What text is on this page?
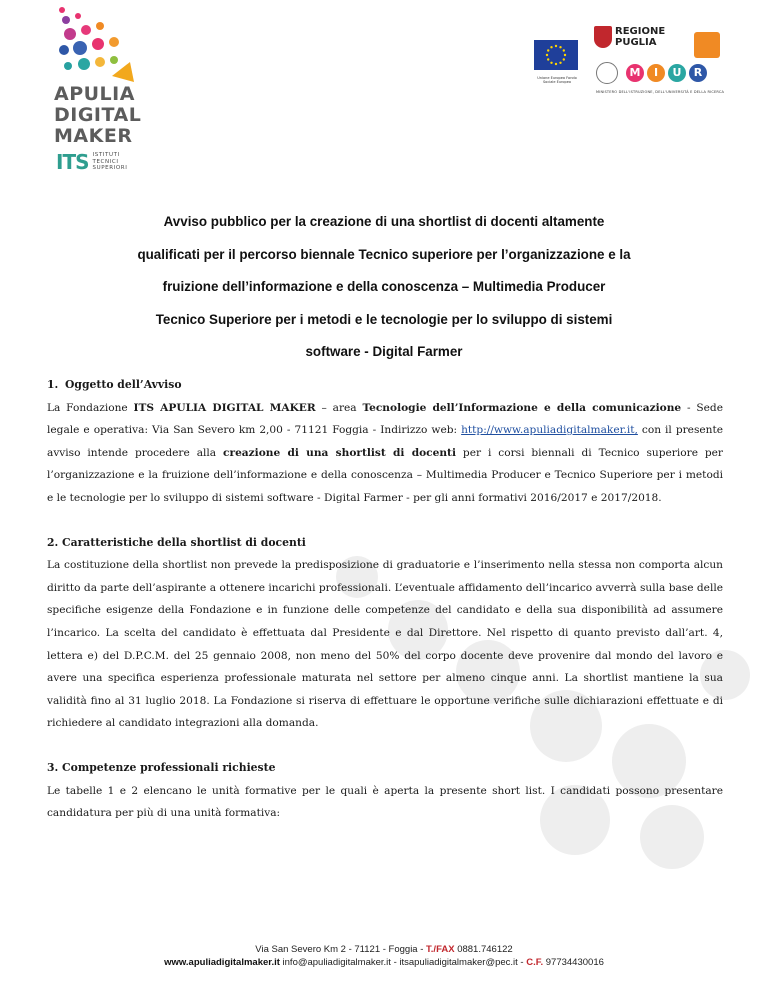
APULIA
DIGITAL
MAKER
ITS ISTITUTI
TECNICI
SUPERIORI
Unione Europea Fondo Sociale Europeo
REGIONE
PUGLIA
M	I	U	R
MINISTERO DELL'ISTRUZIONE, DELL'UNIVERSITÀ E DELLA RICERCA

Avviso pubblico per la creazione di una shortlist di docenti altamente

qualificati per il percorso biennale Tecnico superiore per l’organizzazione e la

fruizione dell’informazione e della conoscenza – Multimedia Producer

Tecnico Superiore per i metodi e le tecnologie per lo sviluppo di sistemi

software - Digital Farmer

1. Oggetto dell’Avviso

La Fondazione ITS APULIA DIGITAL MAKER – area Tecnologie dell’Informazione e della comunicazione - Sede legale e operativa: Via San Severo km 2,00 - 71121 Foggia - Indirizzo web: http://www.apuliadigitalmaker.it, con il presente avviso intende procedere alla creazione di una shortlist di docenti per i corsi biennali di Tecnico superiore per l’organizzazione e la fruizione dell’informazione e della conoscenza – Multimedia Producer e Tecnico Superiore per i metodi e le tecnologie per lo sviluppo di sistemi software - Digital Farmer - per gli anni formativi 2016/2017 e 2017/2018.

2. Caratteristiche della shortlist di docenti

La costituzione della shortlist non prevede la predisposizione di graduatorie e l’inserimento nella stessa non comporta alcun diritto da parte dell’aspirante a ottenere incarichi professionali. L’eventuale affidamento dell’incarico avverrà sulla base delle specifiche esigenze della Fondazione e in funzione delle competenze del candidato e della sua disponibilità ad assumere l’incarico. La scelta del candidato è effettuata dal Presidente e dal Direttore. Nel rispetto di quanto previsto dall’art. 4, lettera e) del D.P.C.M. del 25 gennaio 2008, non meno del 50% del corpo docente deve provenire dal mondo del lavoro e avere una specifica esperienza professionale maturata nel settore per almeno cinque anni. La shortlist mantiene la sua validità fino al 31 luglio 2018. La Fondazione si riserva di effettuare le opportune verifiche sulle dichiarazioni effettuate e di richiedere al candidato integrazioni alla domanda.

3. Competenze professionali richieste

Le tabelle 1 e 2 elencano le unità formative per le quali è aperta la presente short list. I candidati possono presentare candidatura per più di una unità formativa:

Via San Severo Km 2 - 71121 - Foggia - T./FAX 0881.746122
www.apuliadigitalmaker.it info@apuliadigitalmaker.it - itsapuliadigitalmaker@pec.it - C.F. 97734430016
